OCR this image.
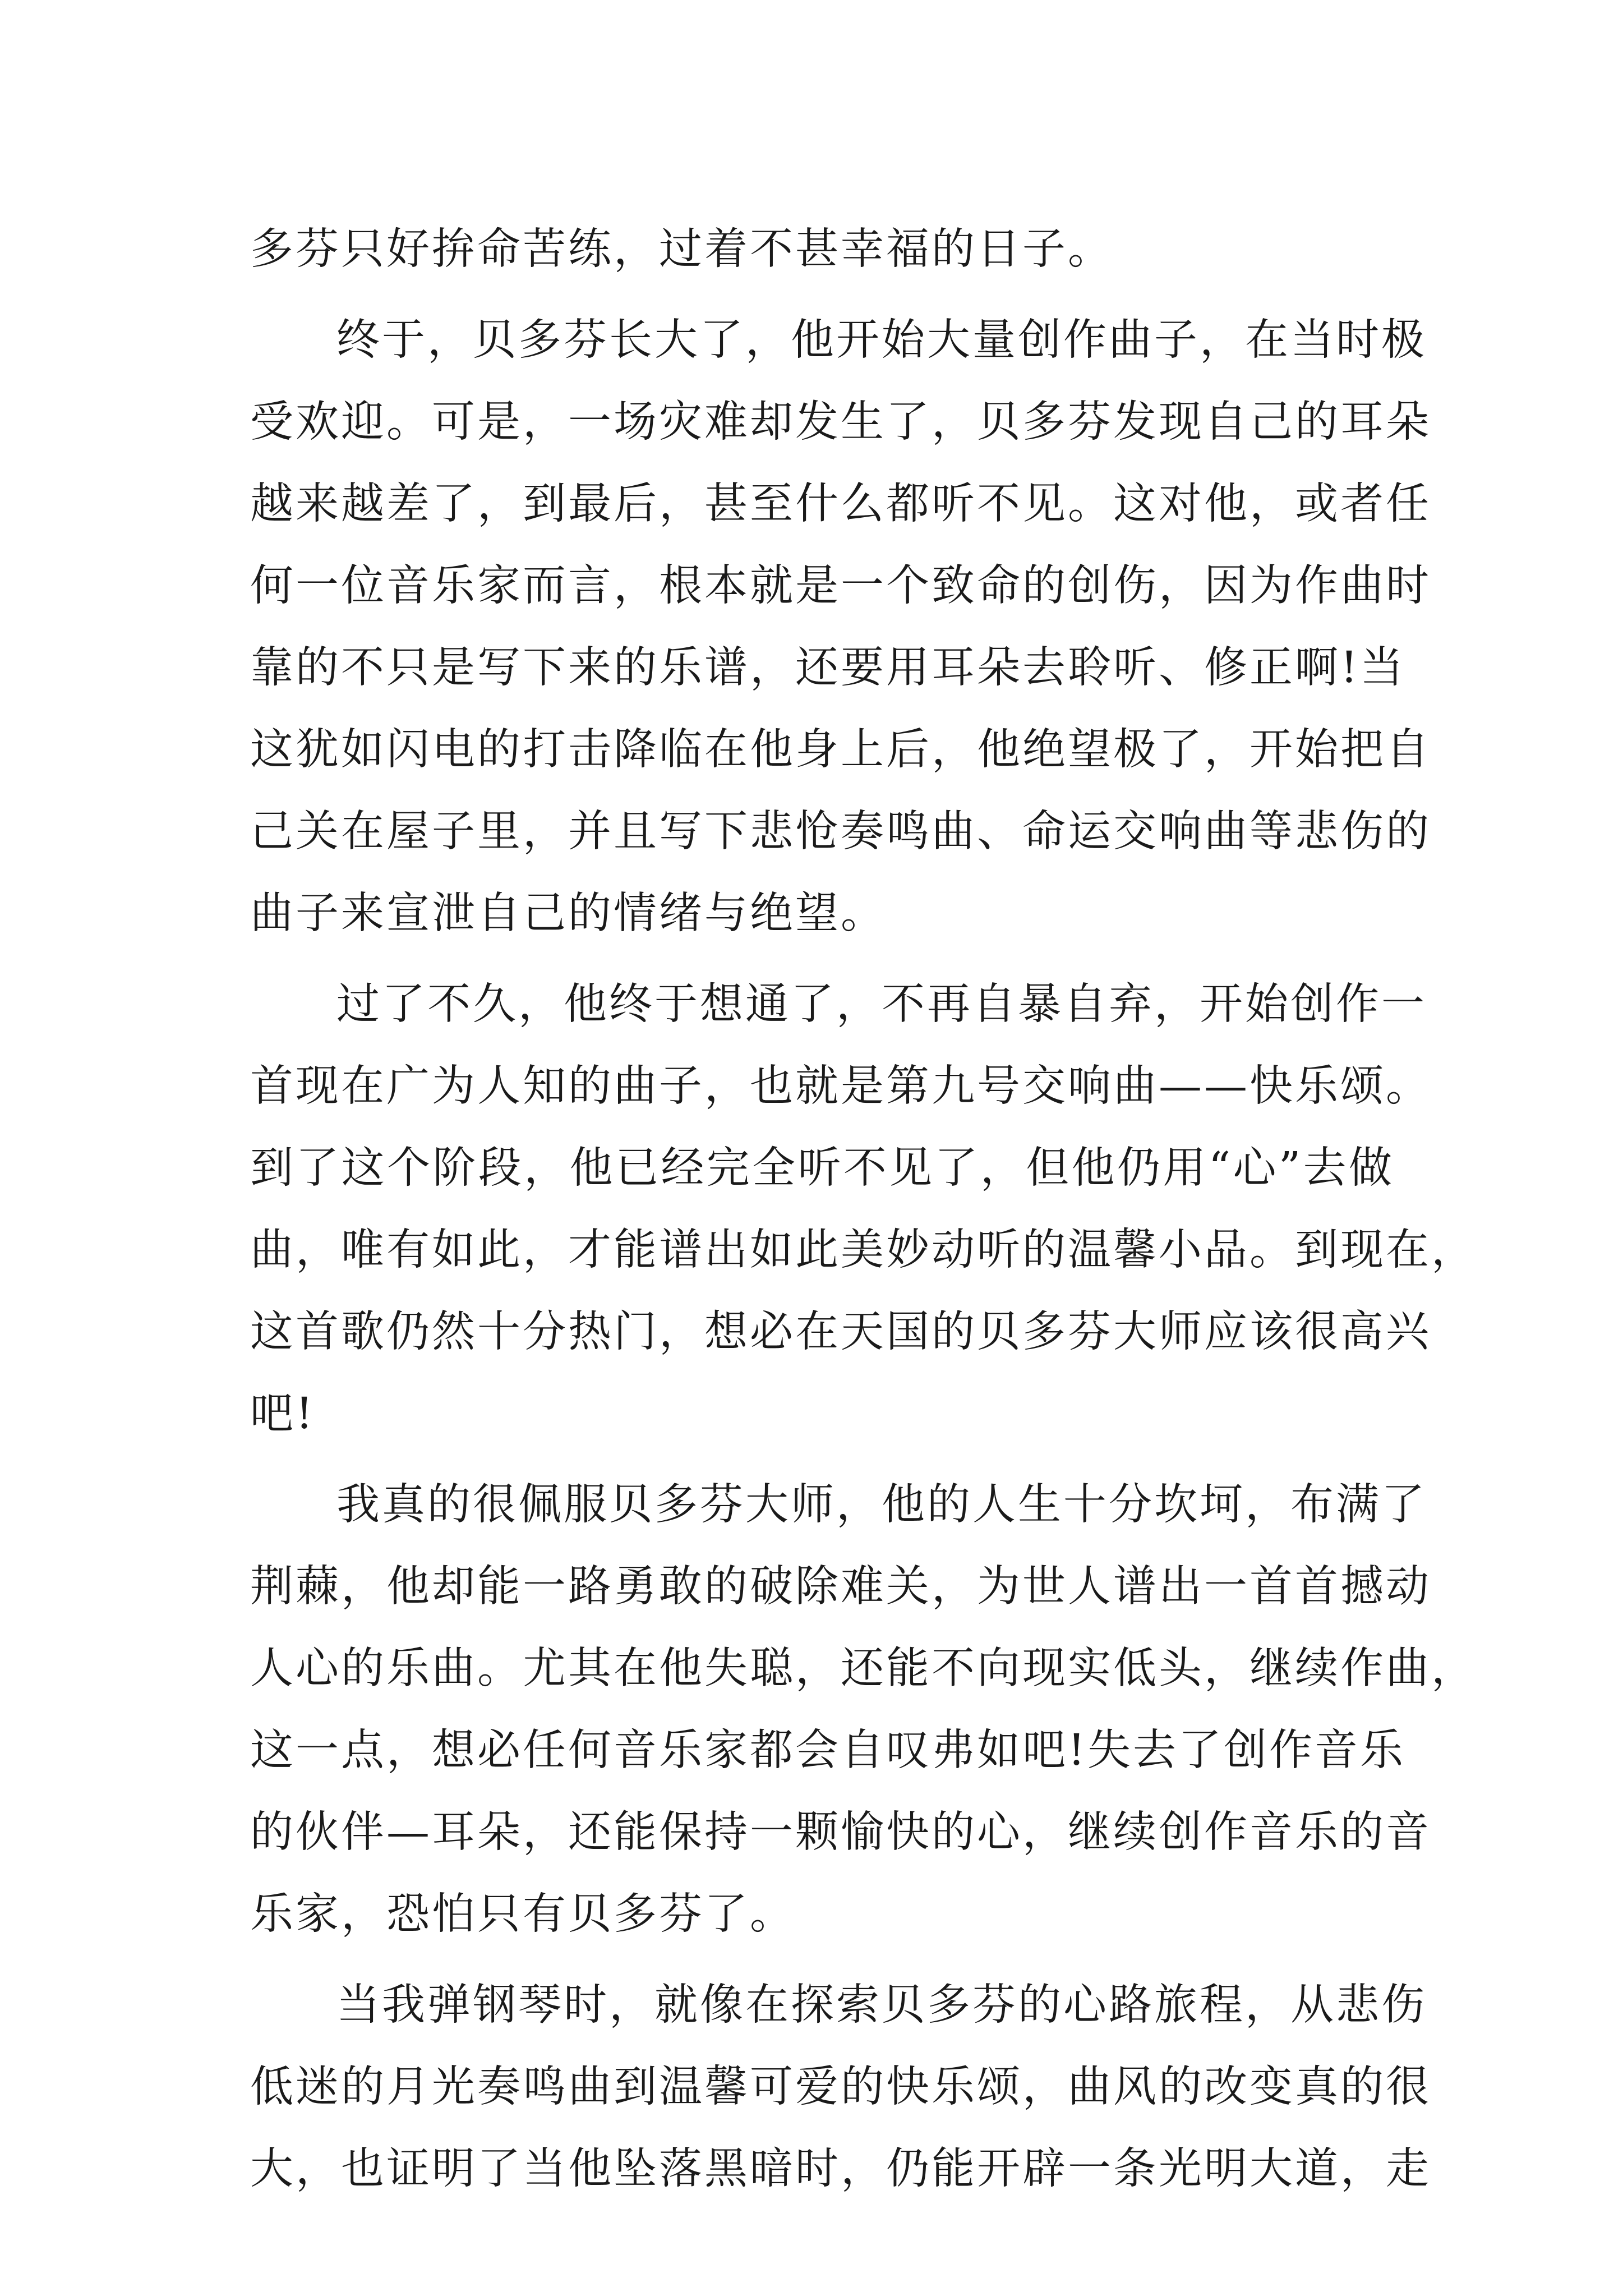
多芬只好拚命苦练，过着不甚幸福的日子。
终于，贝多芬长大了，他开始大量创作曲子，在当时极
受欢迎。可是，一场灾难却发生了，贝多芬发现自己的耳朵
越来越差了，到最后，甚至什么都听不见。这对他，或者任
何一位音乐家而言，根本就是一个致命的创伤，因为作曲时
靠的不只是写下来的乐谱，还要用耳朵去聆听、修正啊!当
这犹如闪电的打击降临在他身上后，他绝望极了，开始把自
己关在屋子里，并且写下悲怆奏鸣曲、命运交响曲等悲伤的
曲子来宣泄自己的情绪与绝望。
过了不久，他终于想通了，不再自暴自弃，开始创作一
首现在广为人知的曲子，也就是第九号交响曲——快乐颂。
到了这个阶段，他已经完全听不见了，但他仍用“心”去做
曲，唯有如此，才能谱出如此美妙动听的温馨小品。到现在，
这首歌仍然十分热门，想必在天国的贝多芬大师应该很高兴
吧!
我真的很佩服贝多芬大师，他的人生十分坎坷，布满了
荆蕀，他却能一路勇敢的破除难关，为世人谱出一首首撼动
人心的乐曲。尤其在他失聪，还能不向现实低头，继续作曲，
这一点，想必任何音乐家都会自叹弗如吧!失去了创作音乐
的伙伴—耳朵，还能保持一颗愉快的心，继续创作音乐的音
乐家，恐怕只有贝多芬了。
当我弹钢琴时，就像在探索贝多芬的心路旅程，从悲伤
低迷的月光奏鸣曲到温馨可爱的快乐颂，曲风的改变真的很
大，也证明了当他坠落黑暗时，仍能开辟一条光明大道，走
